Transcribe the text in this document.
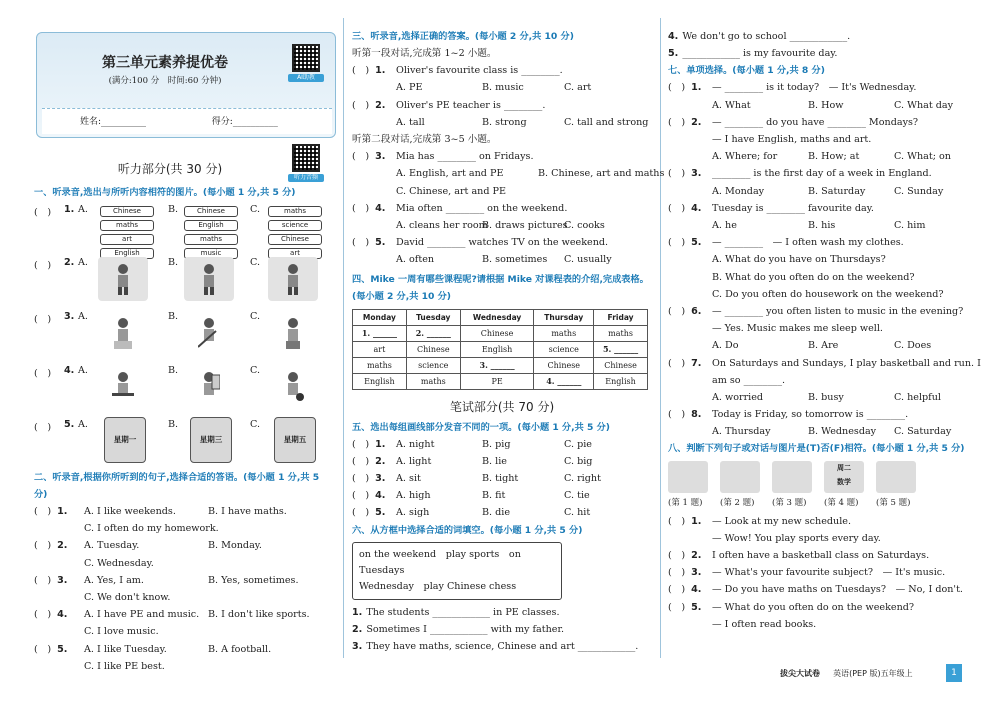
第三单元素养提优卷
(满分:100 分　时间:60 分钟)	AI助教
姓名:__________	得分:__________
听力部分(共 30 分)
听力音频
一、听录音,选出与所听内容相符的图片。(每小题 1 分,共 5 分)
(　) 1. A.	Chinese
maths
art
English
B.	Chinese
English
maths
music
C.	maths
science
Chinese
art
(　) 2. A.	B.	C.
(　) 3. A.	B.	C.
(　) 4. A.	B.	C.
(　) 5. A.
星期一
B.
星期三
C.
星期五
二、听录音,根据你所听到的句子,选择合适的答语。(每小题 1 分,共 5 分)
(　) 1. A. I like weekends.	B. I have maths.
C. I often do my homework.
(　) 2. A. Tuesday.	B. Monday.
C. Wednesday.
(　) 3. A. Yes, I am.	B. Yes, sometimes.
C. We don't know.
(　) 4. A. I have PE and music. B. I don't like sports.
C. I love music.
(　) 5. A. I like Tuesday.	B. A football.
C. I like PE best.
三、听录音,选择正确的答案。(每小题 2 分,共 10 分)
听第一段对话,完成第 1~2 小题。
(　) 1. Oliver's favourite class is ________.
A. PE	B. music	C. art
(　) 2. Oliver's PE teacher is ________.
A. tall	B. strong	C. tall and strong
听第二段对话,完成第 3~5 小题。
(　) 3. Mia has ________ on Fridays.
A. English, art and PE	B. Chinese, art and maths
C. Chinese, art and PE
(　) 4. Mia often ________ on the weekend.
A. cleans her room
B. draws pictures
C. cooks
(　) 5. David ________ watches TV on the weekend.
A. often	B. sometimes C. usually
四、Mike 一周有哪些课程呢?请根据 Mike 对课程表的介绍,完成表格。(每小题 2 分,共 10 分)
Monday	Tuesday	Wednesday	Thursday	Friday
1. ______	2. ______	Chinese	maths	maths
art	Chinese	English	science	5. ______
maths	science	3. ______	Chinese	Chinese
English	maths	PE	4. ______	English
笔试部分(共 70 分)
五、选出每组画线部分发音不同的一项。(每小题 1 分,共 5 分)
(　) 1. A. night	B. pig	C. pie
(　) 2. A. light	B. lie	C. big
(　) 3. A. sit	B. tight	C. right
(　) 4. A. high	B. fit	C. tie
(　) 5. A. sigh	B. die	C. hit
六、从方框中选择合适的词填空。(每小题 1 分,共 5 分)
on the weekend　play sports　on Tuesdays
Wednesday　play Chinese chess
1. The students ____________ in PE classes.
2. Sometimes I ____________ with my father.
3. They have maths, science, Chinese and art ____________.
4. We don't go to school ____________.
5. ____________ is my favourite day.
七、单项选择。(每小题 1 分,共 8 分)
(　) 1. — ________ is it today?　— It's Wednesday.
A. What	B. How	C. What day
(　) 2. — ________ do you have ________ Mondays?
— I have English, maths and art.
A. Where; for	B. How; at	C. What; on
(　) 3. ________ is the first day of a week in England.
A. Monday	B. Saturday	C. Sunday
(　) 4. Tuesday is ________ favourite day.
A. he	B. his	C. him
(　) 5. — ________　— I often wash my clothes.
A. What do you have on Thursdays?
B. What do you often do on the weekend?
C. Do you often do housework on the weekend?
(　) 6. — ________ you often listen to music in the evening?
— Yes. Music makes me sleep well.
A. Do	B. Are	C. Does
(　) 7. On Saturdays and Sundays, I play basketball and run. I
am so ________.
A. worried	B. busy	C. helpful
(　) 8. Today is Friday, so tomorrow is ________.
A. Thursday	B. Wednesday C. Saturday
八、判断下列句子或对话与图片是(T)否(F)相符。(每小题 1 分,共 5 分)
周二
数学
(第 1 题) (第 2 题) (第 3 题) (第 4 题) (第 5 题)
(　) 1. — Look at my new schedule.
— Wow! You play sports every day.
(　) 2. I often have a basketball class on Saturdays.
(　) 3. — What's your favourite subject?　— It's music.
(　) 4. — Do you have maths on Tuesdays?　— No, I don't.
(　) 5. — What do you often do on the weekend?
— I often read books.
拔尖大试卷 英语(PEP 版)五年级上	1
